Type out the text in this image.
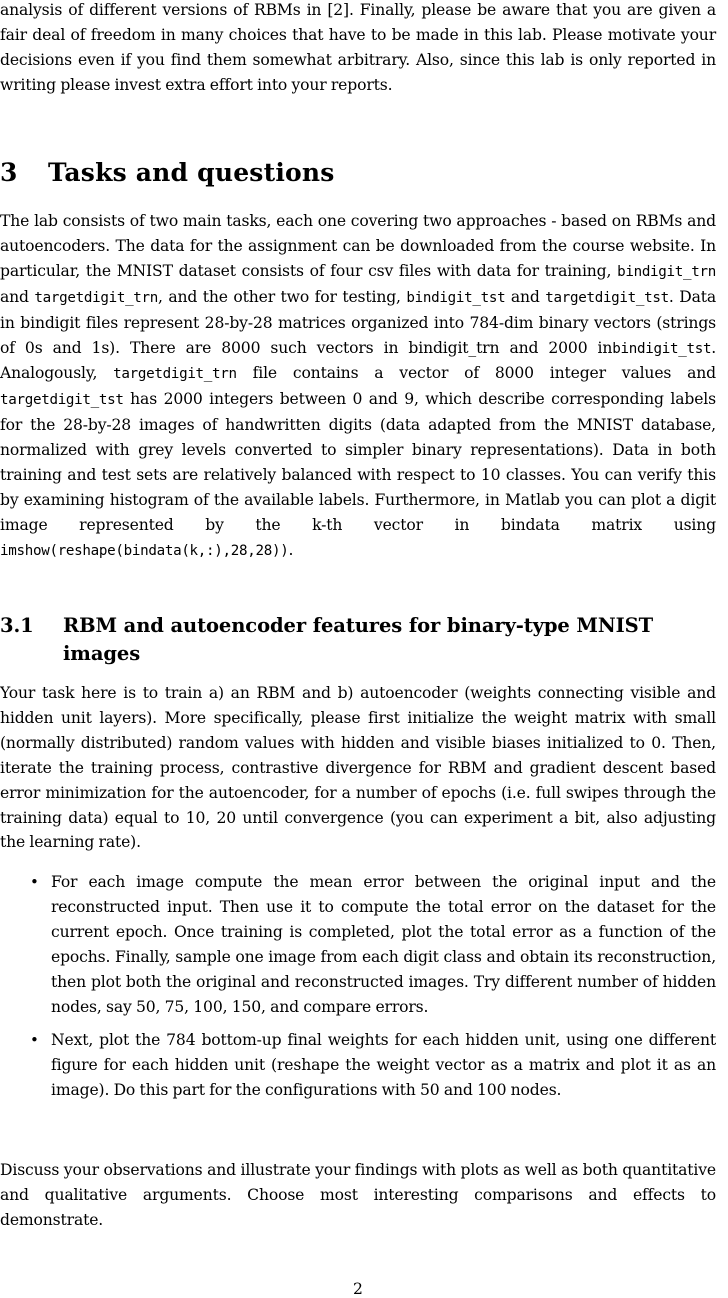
analysis of different versions of RBMs in [2]. Finally, please be aware that you are given a fair deal of freedom in many choices that have to be made in this lab. Please motivate your decisions even if you find them somewhat arbitrary. Also, since this lab is only reported in writing please invest extra effort into your reports.

3 Tasks and questions

The lab consists of two main tasks, each one covering two approaches - based on RBMs and autoencoders. The data for the assignment can be downloaded from the course website. In particular, the MNIST dataset consists of four csv files with data for training, bindigit_trn and targetdigit_trn, and the other two for testing, bindigit_tst and targetdigit_tst. Data in bindigit files represent 28-by-28 matrices organized into 784-dim binary vectors (strings of 0s and 1s). There are 8000 such vectors in bindigit_trn and 2000 inbindigit_tst. Analogously, targetdigit_trn file contains a vector of 8000 integer values and targetdigit_tst has 2000 integers between 0 and 9, which describe corresponding labels for the 28-by-28 images of handwritten digits (data adapted from the MNIST database, normalized with grey levels converted to simpler binary representations). Data in both training and test sets are relatively balanced with respect to 10 classes. You can verify this by examining histogram of the available labels. Furthermore, in Matlab you can plot a digit image represented by the k-th vector in bindata matrix using imshow(reshape(bindata(k,:),28,28)).

3.1	RBM and autoencoder features for binary-type MNIST images

Your task here is to train a) an RBM and b) autoencoder (weights connecting visible and hidden unit layers). More specifically, please first initialize the weight matrix with small (normally distributed) random values with hidden and visible biases initialized to 0. Then, iterate the training process, contrastive divergence for RBM and gradient descent based error minimization for the autoencoder, for a number of epochs (i.e. full swipes through the training data) equal to 10, 20 until convergence (you can experiment a bit, also adjusting the learning rate).

• For each image compute the mean error between the original input and the reconstructed input. Then use it to compute the total error on the dataset for the current epoch. Once training is completed, plot the total error as a function of the epochs. Finally, sample one image from each digit class and obtain its reconstruction, then plot both the original and reconstructed images. Try different number of hidden nodes, say 50, 75, 100, 150, and compare errors.
• Next, plot the 784 bottom-up final weights for each hidden unit, using one different figure for each hidden unit (reshape the weight vector as a matrix and plot it as an image). Do this part for the configurations with 50 and 100 nodes.

Discuss your observations and illustrate your findings with plots as well as both quantitative and qualitative arguments. Choose most interesting comparisons and effects to demonstrate.

2
